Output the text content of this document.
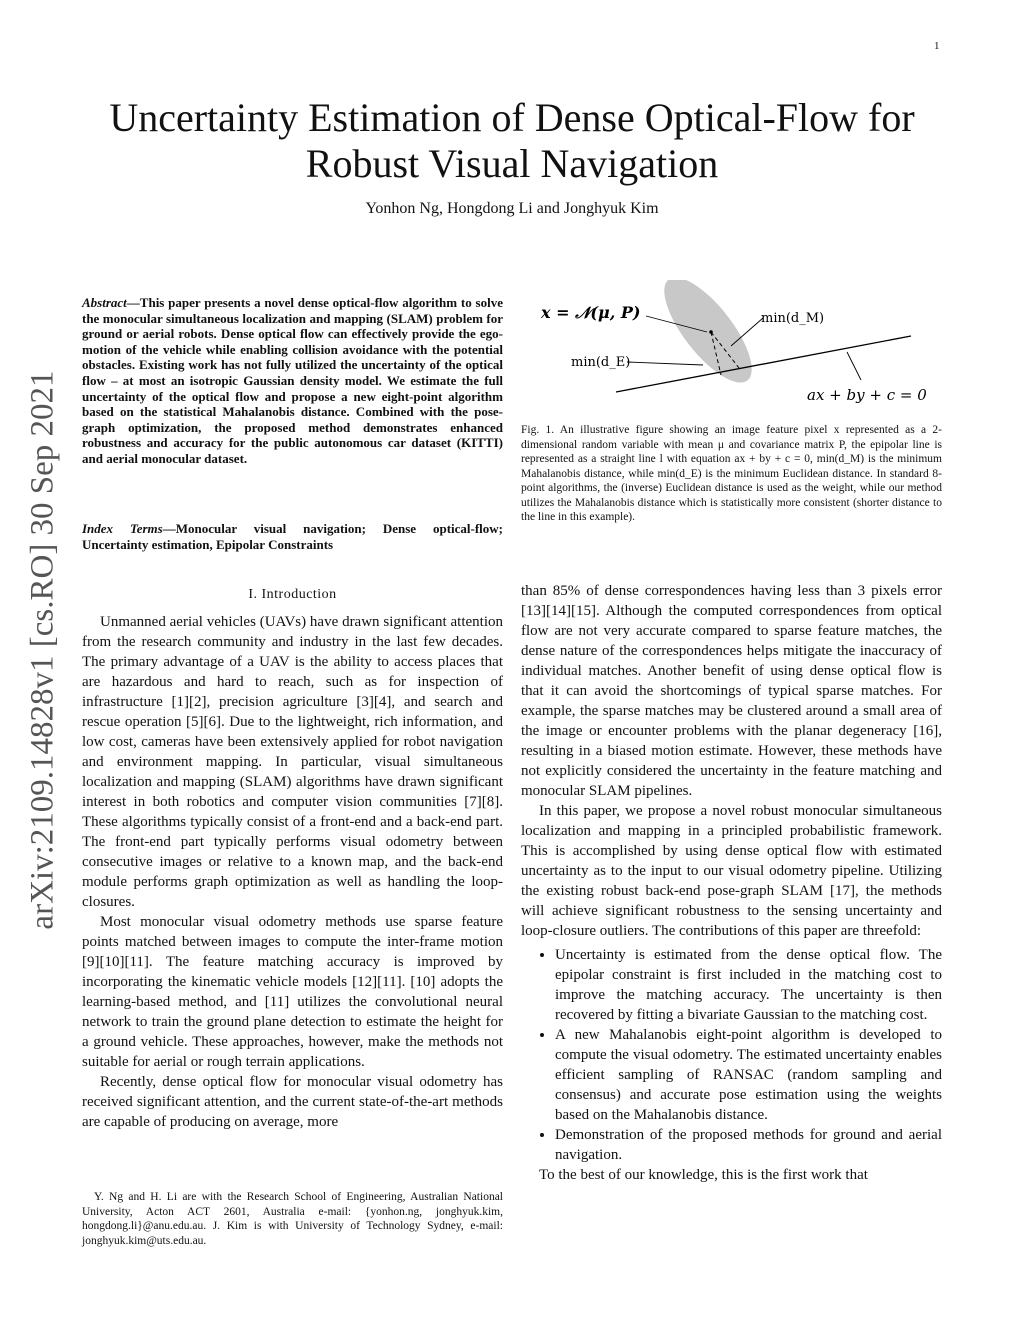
1
Uncertainty Estimation of Dense Optical-Flow for
Robust Visual Navigation
Yonhon Ng, Hongdong Li and Jonghyuk Kim
arXiv:2109.14828v1 [cs.RO] 30 Sep 2021
Abstract—This paper presents a novel dense optical-flow algorithm to solve the monocular simultaneous localization and mapping (SLAM) problem for ground or aerial robots. Dense optical flow can effectively provide the ego-motion of the vehicle while enabling collision avoidance with the potential obstacles. Existing work has not fully utilized the uncertainty of the optical flow – at most an isotropic Gaussian density model. We estimate the full uncertainty of the optical flow and propose a new eight-point algorithm based on the statistical Mahalanobis distance. Combined with the pose-graph optimization, the proposed method demonstrates enhanced robustness and accuracy for the public autonomous car dataset (KITTI) and aerial monocular dataset.
Index Terms—Monocular visual navigation; Dense optical-flow; Uncertainty estimation, Epipolar Constraints
I. Introduction

Unmanned aerial vehicles (UAVs) have drawn significant attention from the research community and industry in the last few decades. The primary advantage of a UAV is the ability to access places that are hazardous and hard to reach, such as for inspection of infrastructure [1][2], precision agriculture [3][4], and search and rescue operation [5][6]. Due to the lightweight, rich information, and low cost, cameras have been extensively applied for robot navigation and environment mapping. In particular, visual simultaneous localization and mapping (SLAM) algorithms have drawn significant interest in both robotics and computer vision communities [7][8]. These algorithms typically consist of a front-end and a back-end part. The front-end part typically performs visual odometry between consecutive images or relative to a known map, and the back-end module performs graph optimization as well as handling the loop-closures.

Most monocular visual odometry methods use sparse feature points matched between images to compute the inter-frame motion [9][10][11]. The feature matching accuracy is improved by incorporating the kinematic vehicle models [12][11]. [10] adopts the learning-based method, and [11] utilizes the convolutional neural network to train the ground plane detection to estimate the height for a ground vehicle. These approaches, however, make the methods not suitable for aerial or rough terrain applications.

Recently, dense optical flow for monocular visual odometry has received significant attention, and the current state-of-the-art methods are capable of producing on average, more

Y. Ng and H. Li are with the Research School of Engineering, Australian National University, Acton ACT 2601, Australia e-mail: {yonhon.ng, jonghyuk.kim, hongdong.li}@anu.edu.au. J. Kim is with University of Technology Sydney, e-mail: jonghyuk.kim@uts.edu.au.
x = 𝒩(μ, P)	min(d_M)
min(d_E)
ax + by + c = 0
Fig. 1. An illustrative figure showing an image feature pixel x represented as a 2-dimensional random variable with mean μ and covariance matrix P, the epipolar line is represented as a straight line l with equation ax + by + c = 0, min(d_M) is the minimum Mahalanobis distance, while min(d_E) is the minimum Euclidean distance. In standard 8-point algorithms, the (inverse) Euclidean distance is used as the weight, while our method utilizes the Mahalanobis distance which is statistically more consistent (shorter distance to the line in this example).

than 85% of dense correspondences having less than 3 pixels error [13][14][15]. Although the computed correspondences from optical flow are not very accurate compared to sparse feature matches, the dense nature of the correspondences helps mitigate the inaccuracy of individual matches. Another benefit of using dense optical flow is that it can avoid the shortcomings of typical sparse matches. For example, the sparse matches may be clustered around a small area of the image or encounter problems with the planar degeneracy [16], resulting in a biased motion estimate. However, these methods have not explicitly considered the uncertainty in the feature matching and monocular SLAM pipelines.

In this paper, we propose a novel robust monocular simultaneous localization and mapping in a principled probabilistic framework. This is accomplished by using dense optical flow with estimated uncertainty as to the input to our visual odometry pipeline. Utilizing the existing robust back-end pose-graph SLAM [17], the methods will achieve significant robustness to the sensing uncertainty and loop-closure outliers. The contributions of this paper are threefold:

• Uncertainty is estimated from the dense optical flow. The epipolar constraint is first included in the matching cost to improve the matching accuracy. The uncertainty is then recovered by fitting a bivariate Gaussian to the matching cost.
• A new Mahalanobis eight-point algorithm is developed to compute the visual odometry. The estimated uncertainty enables efficient sampling of RANSAC (random sampling and consensus) and accurate pose estimation using the weights based on the Mahalanobis distance.
• Demonstration of the proposed methods for ground and aerial navigation.

To the best of our knowledge, this is the first work that
